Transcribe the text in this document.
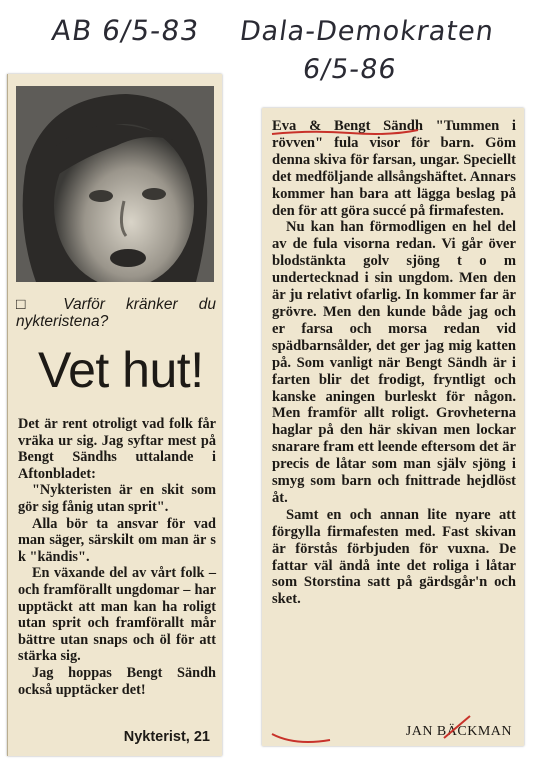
AB 6/5-83 Dala-Demokraten
6/5-86
□ Varför kränker du nykteristena?
Vet hut!

Det är rent otroligt vad folk får vräka ur sig. Jag syftar mest på Bengt Sändhs uttalande i Aftonbladet:

"Nykteristen är en skit som gör sig fånig utan sprit".

Alla bör ta ansvar för vad man säger, särskilt om man är s k "kändis".

En växande del av vårt folk – och framförallt ungdomar – har upptäckt att man kan ha roligt utan sprit och framförallt mår bättre utan snaps och öl för att stärka sig.

Jag hoppas Bengt Sändh också upptäcker det!

Nykterist, 21

Eva & Bengt Sändh "Tummen i rövven" fula visor för barn. Göm denna skiva för farsan, ungar. Speciellt det medföljande allsångshäftet. Annars kommer han bara att lägga beslag på den för att göra succé på firmafesten.

Nu kan han förmodligen en hel del av de fula visorna redan. Vi går över blodstänkta golv sjöng t o m undertecknad i sin ungdom. Men den är ju relativt ofarlig. In kommer far är grövre. Men den kunde både jag och er farsa och morsa redan vid spädbarnsålder, det ger jag mig katten på. Som vanligt när Bengt Sändh är i farten blir det frodigt, fryntligt och kanske aningen burleskt för någon. Men framför allt roligt. Grovheterna haglar på den här skivan men lockar snarare fram ett leende eftersom det är precis de låtar som man själv sjöng i smyg som barn och fnittrade hejdlöst åt.

Samt en och annan lite nyare att förgylla firmafesten med. Fast skivan är förstås förbjuden för vuxna. De fattar väl ändå inte det roliga i låtar som Storstina satt på gärdsgår'n och sket.

JAN BÄCKMAN
